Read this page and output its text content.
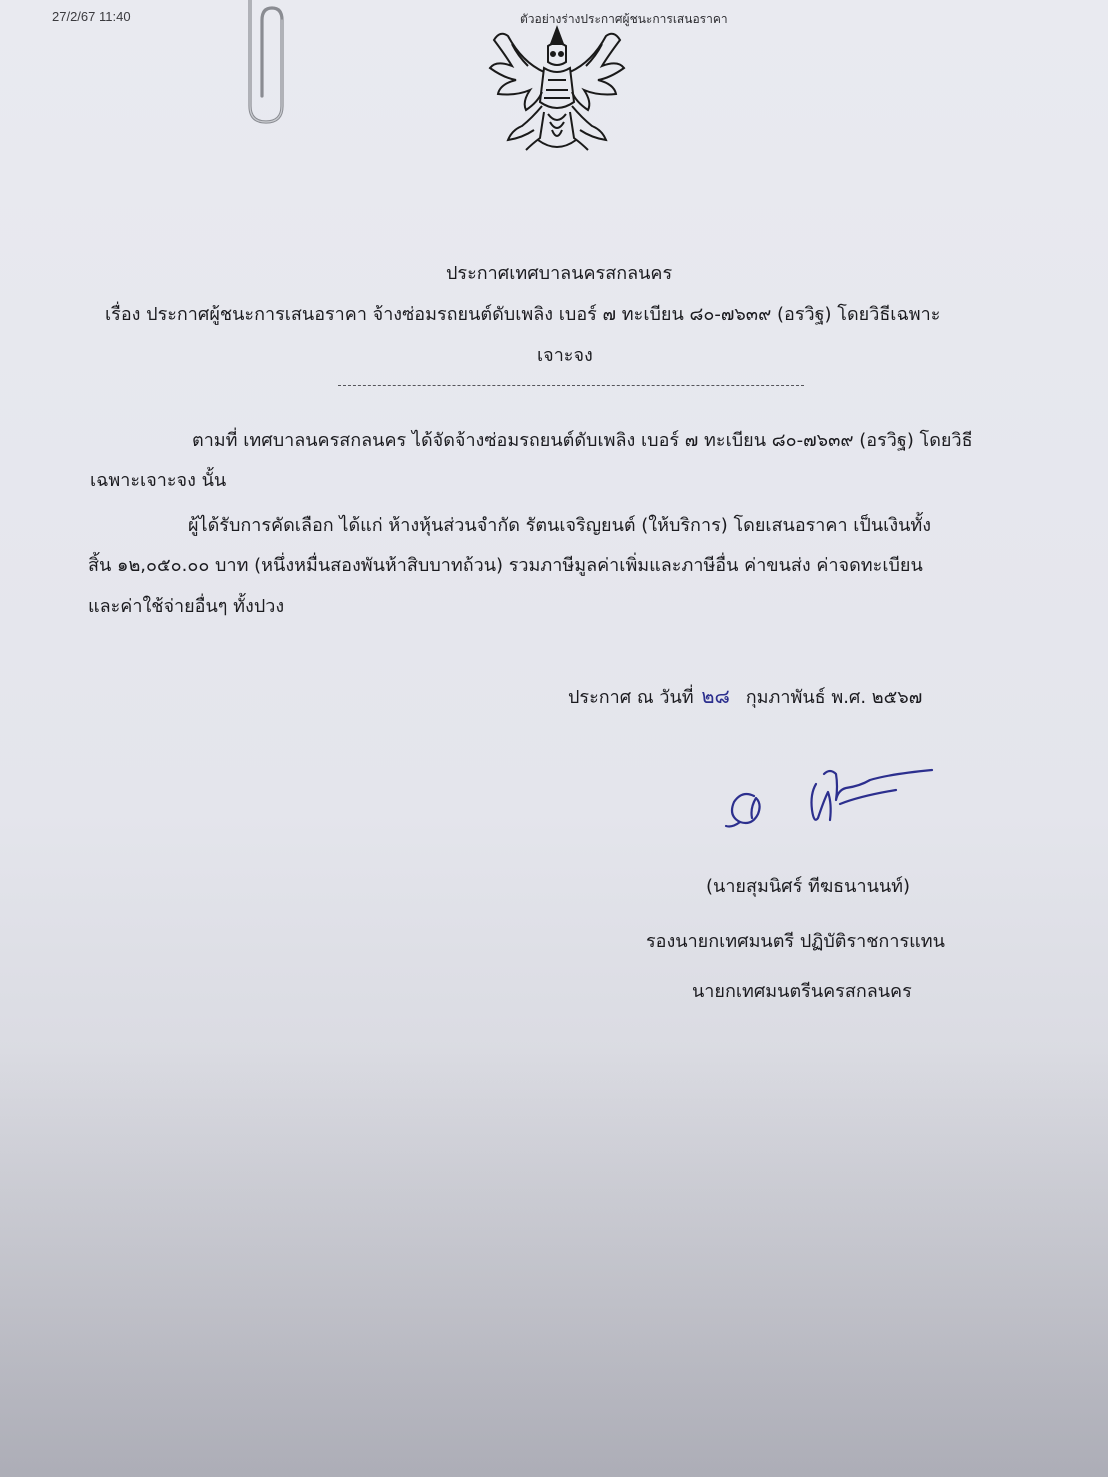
27/2/67 11:40	ตัวอย่างร่างประกาศผู้ชนะการเสนอราคา
ประกาศเทศบาลนครสกลนคร
เรื่อง ประกาศผู้ชนะการเสนอราคา จ้างซ่อมรถยนต์ดับเพลิง เบอร์ ๗ ทะเบียน ๘๐-๗๖๓๙ (อรวิฐ) โดยวิธีเฉพาะ
เจาะจง
ตามที่ เทศบาลนครสกลนคร ได้จัดจ้างซ่อมรถยนต์ดับเพลิง เบอร์ ๗ ทะเบียน ๘๐-๗๖๓๙ (อรวิฐ) โดยวิธี
เฉพาะเจาะจง นั้น
ผู้ได้รับการคัดเลือก ได้แก่ ห้างหุ้นส่วนจำกัด รัตนเจริญยนต์ (ให้บริการ) โดยเสนอราคา เป็นเงินทั้ง
สิ้น ๑๒,๐๕๐.๐๐ บาท (หนึ่งหมื่นสองพันห้าสิบบาทถ้วน) รวมภาษีมูลค่าเพิ่มและภาษีอื่น ค่าขนส่ง ค่าจดทะเบียน
และค่าใช้จ่ายอื่นๆ ทั้งปวง
ประกาศ ณ วันที่ ๒๘ กุมภาพันธ์ พ.ศ. ๒๕๖๗
(นายสุมนิศร์ ทีฆธนานนท์)
รองนายกเทศมนตรี ปฏิบัติราชการแทน
นายกเทศมนตรีนครสกลนคร
